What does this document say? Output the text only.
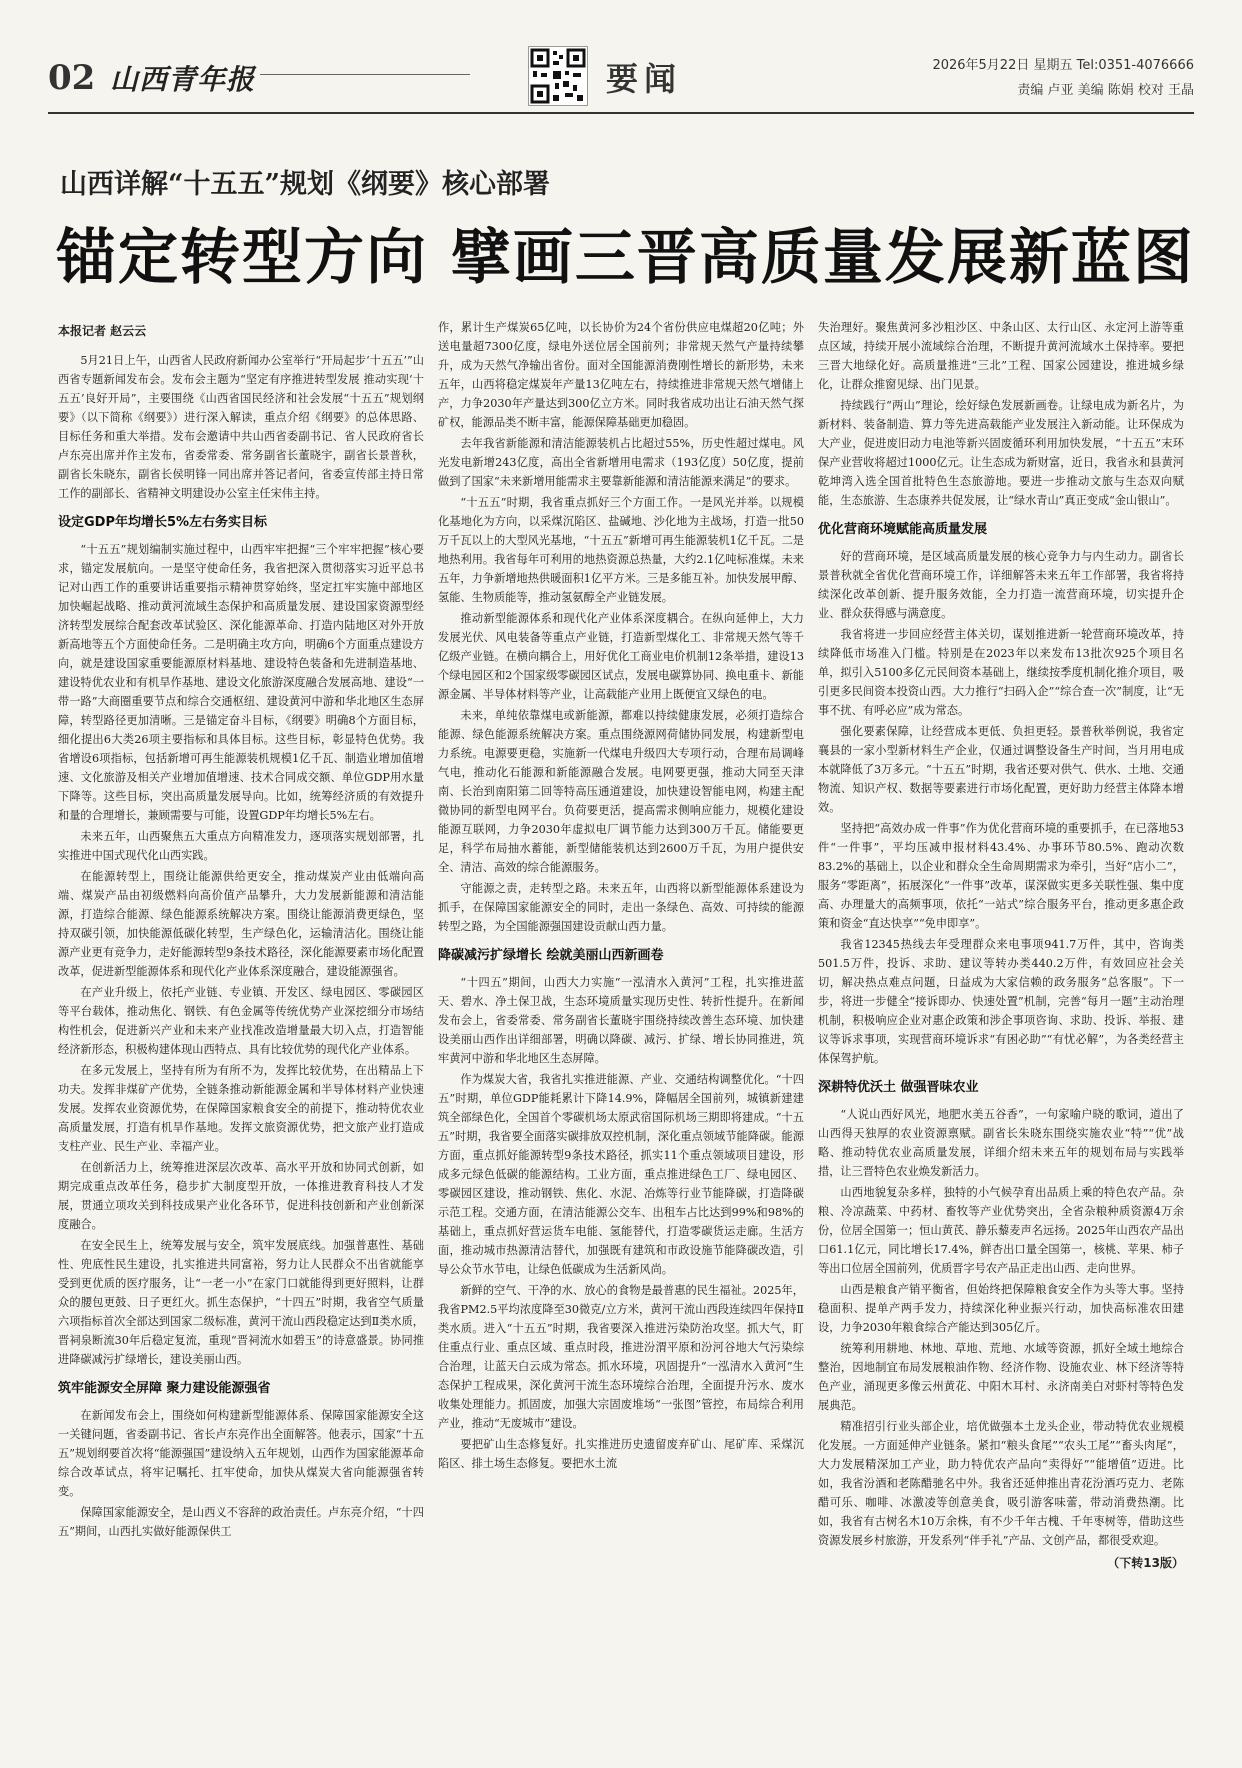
02 山西青年报	要闻	2026年5月22日 星期五 Tel:0351-4076666
责编 卢亚 美编 陈娟 校对 王晶
山西详解“十五五”规划《纲要》核心部署
锚定转型方向 擘画三晋高质量发展新蓝图
本报记者 赵云云

5月21日上午，山西省人民政府新闻办公室举行“开局起步‘十五五’”山西省专题新闻发布会。发布会主题为“坚定有序推进转型发展 推动实现‘十五五’良好开局”，主要围绕《山西省国民经济和社会发展“十五五”规划纲要》（以下简称《纲要》）进行深入解读，重点介绍《纲要》的总体思路、目标任务和重大举措。发布会邀请中共山西省委副书记、省人民政府省长卢东亮出席并作主发布，省委常委、常务副省长董晓宇，副省长景普秋，副省长朱晓东，副省长侯明锋一同出席并答记者问，省委宣传部主持日常工作的副部长、省精神文明建设办公室主任宋伟主持。

设定GDP年均增长5%左右务实目标

“十五五”规划编制实施过程中，山西牢牢把握“三个牢牢把握”核心要求，锚定发展航向。一是坚守使命任务，我省把深入贯彻落实习近平总书记对山西工作的重要讲话重要指示精神贯穿始终，坚定扛牢实施中部地区加快崛起战略、推动黄河流域生态保护和高质量发展、建设国家资源型经济转型发展综合配套改革试验区、深化能源革命、打造内陆地区对外开放新高地等五个方面使命任务。二是明确主攻方向，明确6个方面重点建设方向，就是建设国家重要能源原材料基地、建设特色装备和先进制造基地、建设特优农业和有机旱作基地、建设文化旅游深度融合发展高地、建设“一带一路”大商圈重要节点和综合交通枢纽、建设黄河中游和华北地区生态屏障，转型路径更加清晰。三是锚定奋斗目标，《纲要》明确8个方面目标，细化提出6大类26项主要指标和具体目标。这些目标，彰显特色优势。我省增设6项指标，包括新增可再生能源装机规模1亿千瓦、制造业增加值增速、文化旅游及相关产业增加值增速、技术合同成交额、单位GDP用水量下降等。这些目标，突出高质量发展导向。比如，统筹经济质的有效提升和量的合理增长，兼顾需要与可能，设置GDP年均增长5%左右。

未来五年，山西聚焦五大重点方向精准发力，逐项落实规划部署，扎实推进中国式现代化山西实践。

在能源转型上，围绕让能源供给更安全，推动煤炭产业由低端向高端、煤炭产品由初级燃料向高价值产品攀升，大力发展新能源和清洁能源，打造综合能源、绿色能源系统解决方案。围绕让能源消费更绿色，坚持双碳引领，加快能源低碳化转型，生产绿色化，运输清洁化。围绕让能源产业更有竞争力，走好能源转型9条技术路径，深化能源要素市场化配置改革，促进新型能源体系和现代化产业体系深度融合，建设能源强省。

在产业升级上，依托产业链、专业镇、开发区、绿电园区、零碳园区等平台载体，推动焦化、钢铁、有色金属等传统优势产业深挖细分市场结构性机会，促进新兴产业和未来产业找准改造增量最大切入点，打造智能经济新形态，积极构建体现山西特点、具有比较优势的现代化产业体系。

在多元发展上，坚持有所为有所不为，发挥比较优势，在出精品上下功夫。发挥非煤矿产优势，全链条推动新能源金属和半导体材料产业快速发展。发挥农业资源优势，在保障国家粮食安全的前提下，推动特优农业高质量发展，打造有机旱作基地。发挥文旅资源优势，把文旅产业打造成支柱产业、民生产业、幸福产业。

在创新活力上，统筹推进深层次改革、高水平开放和协同式创新，如期完成重点改革任务，稳步扩大制度型开放，一体推进教育科技人才发展，贯通立项攻关到科技成果产业化各环节，促进科技创新和产业创新深度融合。

在安全民生上，统筹发展与安全，筑牢发展底线。加强普惠性、基础性、兜底性民生建设，扎实推进共同富裕，努力让人民群众不出省就能享受到更优质的医疗服务，让“一老一小”在家门口就能得到更好照料，让群众的腰包更鼓、日子更红火。抓生态保护，“十四五”时期，我省空气质量六项指标首次全部达到国家二级标准，黄河干流山西段稳定达到Ⅱ类水质，晋祠泉断流30年后稳定复流，重现“晋祠流水如碧玉”的诗意盛景。协同推进降碳减污扩绿增长，建设美丽山西。

筑牢能源安全屏障 聚力建设能源强省

在新闻发布会上，围绕如何构建新型能源体系、保障国家能源安全这一关键问题，省委副书记、省长卢东亮作出全面解答。他表示，国家“十五五”规划纲要首次将“能源强国”建设纳入五年规划，山西作为国家能源革命综合改革试点，将牢记嘱托、扛牢使命，加快从煤炭大省向能源强省转变。

保障国家能源安全，是山西义不容辞的政治责任。卢东亮介绍，“十四五”期间，山西扎实做好能源保供工

作，累计生产煤炭65亿吨，以长协价为24个省份供应电煤超20亿吨；外送电量超7300亿度，绿电外送位居全国前列；非常规天然气产量持续攀升，成为天然气净输出省份。面对全国能源消费刚性增长的新形势，未来五年，山西将稳定煤炭年产量13亿吨左右，持续推进非常规天然气增储上产，力争2030年产量达到300亿立方米。同时我省成功出让石油天然气探矿权，能源品类不断丰富，能源保障基础更加稳固。

去年我省新能源和清洁能源装机占比超过55%，历史性超过煤电。风光发电新增243亿度，高出全省新增用电需求（193亿度）50亿度，提前做到了国家“未来新增用能需求主要靠新能源和清洁能源来满足”的要求。

“十五五”时期，我省重点抓好三个方面工作。一是风光并举。以规模化基地化为方向，以采煤沉陷区、盐碱地、沙化地为主战场，打造一批50万千瓦以上的大型风光基地，“十五五”新增可再生能源装机1亿千瓦。二是地热利用。我省每年可利用的地热资源总热量，大约2.1亿吨标准煤。未来五年，力争新增地热供暖面积1亿平方米。三是多能互补。加快发展甲醇、氢能、生物质能等，推动氢氨醇全产业链发展。

推动新型能源体系和现代化产业体系深度耦合。在纵向延伸上，大力发展光伏、风电装备等重点产业链，打造新型煤化工、非常规天然气等千亿级产业链。在横向耦合上，用好优化工商业电价机制12条举措，建设13个绿电园区和2个国家级零碳园区试点，发展电碳算协同、换电重卡、新能源金属、半导体材料等产业，让高载能产业用上既便宜又绿色的电。

未来，单纯依靠煤电或新能源，都难以持续健康发展，必须打造综合能源、绿色能源系统解决方案。重点围绕源网荷储协同发展，构建新型电力系统。电源要更稳，实施新一代煤电升级四大专项行动，合理布局调峰气电，推动化石能源和新能源融合发展。电网要更强，推动大同至天津南、长治到南阳第二回等特高压通道建设，加快建设智能电网，构建主配微协同的新型电网平台。负荷要更活，提高需求侧响应能力，规模化建设能源互联网，力争2030年虚拟电厂调节能力达到300万千瓦。储能要更足，科学布局抽水蓄能，新型储能装机达到2600万千瓦，为用户提供安全、清洁、高效的综合能源服务。

守能源之责，走转型之路。未来五年，山西将以新型能源体系建设为抓手，在保障国家能源安全的同时，走出一条绿色、高效、可持续的能源转型之路，为全国能源强国建设贡献山西力量。

降碳减污扩绿增长 绘就美丽山西新画卷

“十四五”期间，山西大力实施“一泓清水入黄河”工程，扎实推进蓝天、碧水、净土保卫战，生态环境质量实现历史性、转折性提升。在新闻发布会上，省委常委、常务副省长董晓宇围绕持续改善生态环境、加快建设美丽山西作出详细部署，明确以降碳、减污、扩绿、增长协同推进，筑牢黄河中游和华北地区生态屏障。

作为煤炭大省，我省扎实推进能源、产业、交通结构调整优化。“十四五”时期，单位GDP能耗累计下降14.9%，降幅居全国前列，城镇新建建筑全部绿色化，全国首个零碳机场太原武宿国际机场三期即将建成。“十五五”时期，我省要全面落实碳排放双控机制，深化重点领域节能降碳。能源方面，重点抓好能源转型9条技术路径，抓实11个重点领域项目建设，形成多元绿色低碳的能源结构。工业方面，重点推进绿色工厂、绿电园区、零碳园区建设，推动钢铁、焦化、水泥、冶炼等行业节能降碳，打造降碳示范工程。交通方面，在清洁能源公交车、出租车占比达到99%和98%的基础上，重点抓好营运货车电能、氢能替代，打造零碳货运走廊。生活方面，推动城市热源清洁替代，加强既有建筑和市政设施节能降碳改造，引导公众节水节电，让绿色低碳成为生活新风尚。

新鲜的空气、干净的水、放心的食物是最普惠的民生福祉。2025年，我省PM2.5平均浓度降至30微克/立方米，黄河干流山西段连续四年保持Ⅱ类水质。进入“十五五”时期，我省要深入推进污染防治攻坚。抓大气，盯住重点行业、重点区域、重点时段，推进汾渭平原和汾河谷地大气污染综合治理，让蓝天白云成为常态。抓水环境，巩固提升“一泓清水入黄河”生态保护工程成果，深化黄河干流生态环境综合治理，全面提升污水、废水收集处理能力。抓固废，加强大宗固废堆场“一张图”管控，布局综合利用产业，推动“无废城市”建设。

要把矿山生态修复好。扎实推进历史遗留废弃矿山、尾矿库、采煤沉陷区、排土场生态修复。要把水土流

失治理好。聚焦黄河多沙粗沙区、中条山区、太行山区、永定河上游等重点区域，持续开展小流域综合治理，不断提升黄河流域水土保持率。要把三晋大地绿化好。高质量推进“三北”工程、国家公园建设，推进城乡绿化，让群众推窗见绿、出门见景。

持续践行“两山”理论，绘好绿色发展新画卷。让绿电成为新名片，为新材料、装备制造、算力等先进高载能产业发展注入新动能。让环保成为大产业，促进废旧动力电池等新兴固废循环利用加快发展，“十五五”末环保产业营收将超过1000亿元。让生态成为新财富，近日，我省永和县黄河乾坤湾入选全国首批特色生态旅游地。要进一步推动文旅与生态双向赋能，生态旅游、生态康养共促发展，让“绿水青山”真正变成“金山银山”。

优化营商环境赋能高质量发展

好的营商环境，是区域高质量发展的核心竞争力与内生动力。副省长景普秋就全省优化营商环境工作，详细解答未来五年工作部署，我省将持续深化改革创新、提升服务效能，全力打造一流营商环境，切实提升企业、群众获得感与满意度。

我省将进一步回应经营主体关切，谋划推进新一轮营商环境改革，持续降低市场准入门槛。特别是在2023年以来发布13批次925个项目名单，拟引入5100多亿元民间资本基础上，继续按季度机制化推介项目，吸引更多民间资本投资山西。大力推行“扫码入企”“综合查一次”制度，让“无事不扰、有呼必应”成为常态。

强化要素保障，让经营成本更低、负担更轻。景普秋举例说，我省定襄县的一家小型新材料生产企业，仅通过调整设备生产时间，当月用电成本就降低了3万多元。“十五五”时期，我省还要对供气、供水、土地、交通物流、知识产权、数据等要素进行市场化配置，更好助力经营主体降本增效。

坚持把“高效办成一件事”作为优化营商环境的重要抓手，在已落地53件“一件事”，平均压减申报材料43.4%、办事环节80.5%、跑动次数83.2%的基础上，以企业和群众全生命周期需求为牵引，当好“店小二”，服务“零距离”，拓展深化“一件事”改革，谋深做实更多关联性强、集中度高、办理量大的高频事项，依托“一站式”综合服务平台，推动更多惠企政策和资金“直达快享”“免申即享”。

我省12345热线去年受理群众来电事项941.7万件，其中，咨询类501.5万件，投诉、求助、建议等转办类440.2万件，有效回应社会关切，解决热点难点问题，日益成为大家信赖的政务服务“总客服”。下一步，将进一步健全“接诉即办、快速处置”机制，完善“每月一题”主动治理机制，积极响应企业对惠企政策和涉企事项咨询、求助、投诉、举报、建议等诉求事项，实现营商环境诉求“有困必助”“有忧必解”，为各类经营主体保驾护航。

深耕特优沃土 做强晋味农业

“人说山西好风光，地肥水美五谷香”，一句家喻户晓的歌词，道出了山西得天独厚的农业资源禀赋。副省长朱晓东围绕实施农业“特”“优”战略、推动特优农业高质量发展，详细介绍未来五年的规划布局与实践举措，让三晋特色农业焕发新活力。

山西地貌复杂多样，独特的小气候孕育出品质上乘的特色农产品。杂粮、冷凉蔬菜、中药材、畜牧等产业优势突出，全省杂粮种质资源4万余份，位居全国第一；恒山黄芪、静乐藜麦声名远扬。2025年山西农产品出口61.1亿元，同比增长17.4%，鲜杏出口量全国第一，核桃、苹果、柿子等出口位居全国前列，优质晋字号农产品正走出山西、走向世界。

山西是粮食产销平衡省，但始终把保障粮食安全作为头等大事。坚持稳面积、提单产两手发力，持续深化种业振兴行动，加快高标准农田建设，力争2030年粮食综合产能达到305亿斤。

统筹利用耕地、林地、草地、荒地、水域等资源，抓好全域土地综合整治，因地制宜布局发展粮油作物、经济作物、设施农业、林下经济等特色产业，涌现更多像云州黄花、中阳木耳村、永济南美白对虾村等特色发展典范。

精准招引行业头部企业，培优做强本土龙头企业，带动特优农业规模化发展。一方面延伸产业链条。紧扣“粮头食尾”“农头工尾”“畜头肉尾”，大力发展精深加工产业，助力特优农产品向“卖得好”“能增值”迈进。比如，我省汾酒和老陈醋驰名中外。我省还延伸推出青花汾酒巧克力、老陈醋可乐、咖啡、冰激凌等创意美食，吸引游客味蕾，带动消费热潮。比如，我省有古树名木10万余株，有不少千年古槐、千年枣树等，借助这些资源发展乡村旅游，开发系列“伴手礼”产品、文创产品，都很受欢迎。

（下转13版）
